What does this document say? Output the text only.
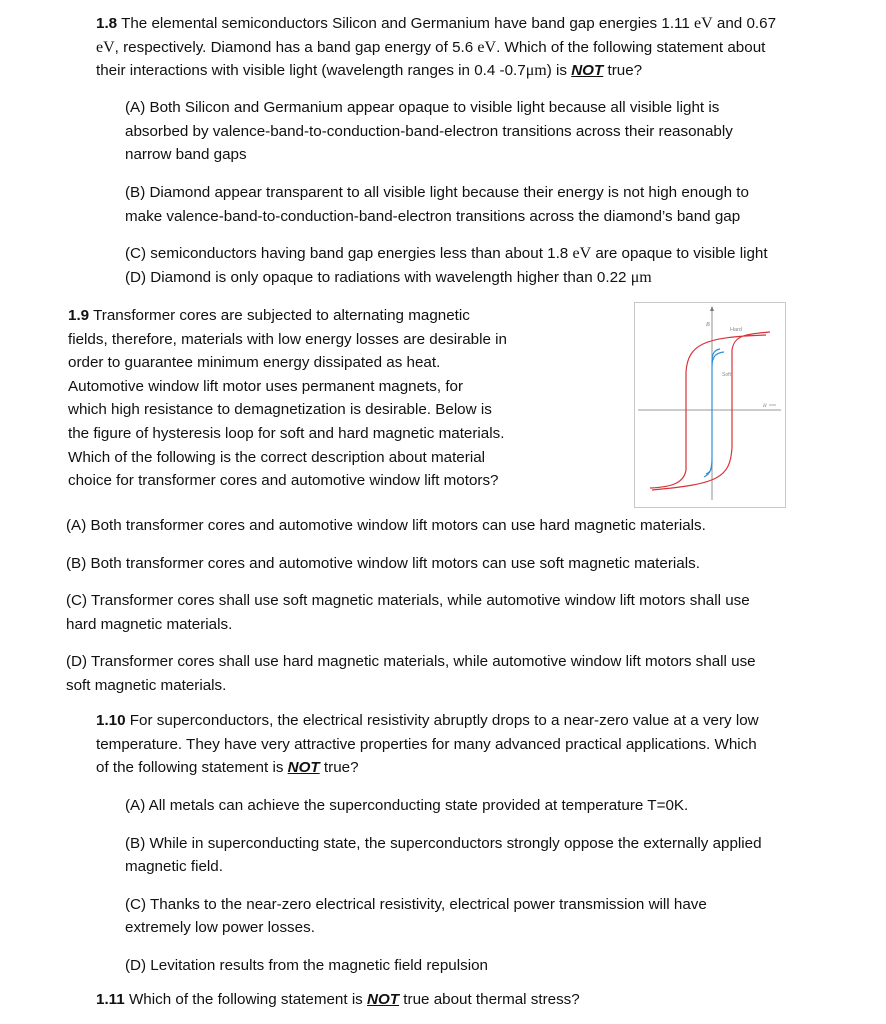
1.8 The elemental semiconductors Silicon and Germanium have band gap energies 1.11 eV and 0.67

eV, respectively. Diamond has a band gap energy of 5.6 eV. Which of the following statement about

their interactions with visible light (wavelength ranges in 0.4 -0.7μm) is NOT true?

(A) Both Silicon and Germanium appear opaque to visible light because all visible light is

absorbed by valence-band-to-conduction-band-electron transitions across their reasonably

narrow band gaps

(B) Diamond appear transparent to all visible light because their energy is not high enough to

make valence-band-to-conduction-band-electron transitions across the diamond’s band gap

(C) semiconductors having band gap energies less than about 1.8 eV are opaque to visible light

(D) Diamond is only opaque to radiations with wavelength higher than 0.22 μm

1.9 Transformer cores are subjected to alternating magnetic

fields, therefore, materials with low energy losses are desirable in

order to guarantee minimum energy dissipated as heat.

Automotive window lift motor uses permanent magnets, for

which high resistance to demagnetization is desirable. Below is

the figure of hysteresis loop for soft and hard magnetic materials.

Which of the following is the correct description about material

choice for transformer cores and automotive window lift motors?

B
H
Hard
Soft

(A) Both transformer cores and automotive window lift motors can use hard magnetic materials.

(B) Both transformer cores and automotive window lift motors can use soft magnetic materials.

(C) Transformer cores shall use soft magnetic materials, while automotive window lift motors shall use

hard magnetic materials.

(D) Transformer cores shall use hard magnetic materials, while automotive window lift motors shall use

soft magnetic materials.

1.10 For superconductors, the electrical resistivity abruptly drops to a near-zero value at a very low

temperature. They have very attractive properties for many advanced practical applications. Which

of the following statement is NOT true?

(A) All metals can achieve the superconducting state provided at temperature T=0K.

(B) While in superconducting state, the superconductors strongly oppose the externally applied

magnetic field.

(C) Thanks to the near-zero electrical resistivity, electrical power transmission will have

extremely low power losses.

(D) Levitation results from the magnetic field repulsion

1.11 Which of the following statement is NOT true about thermal stress?
